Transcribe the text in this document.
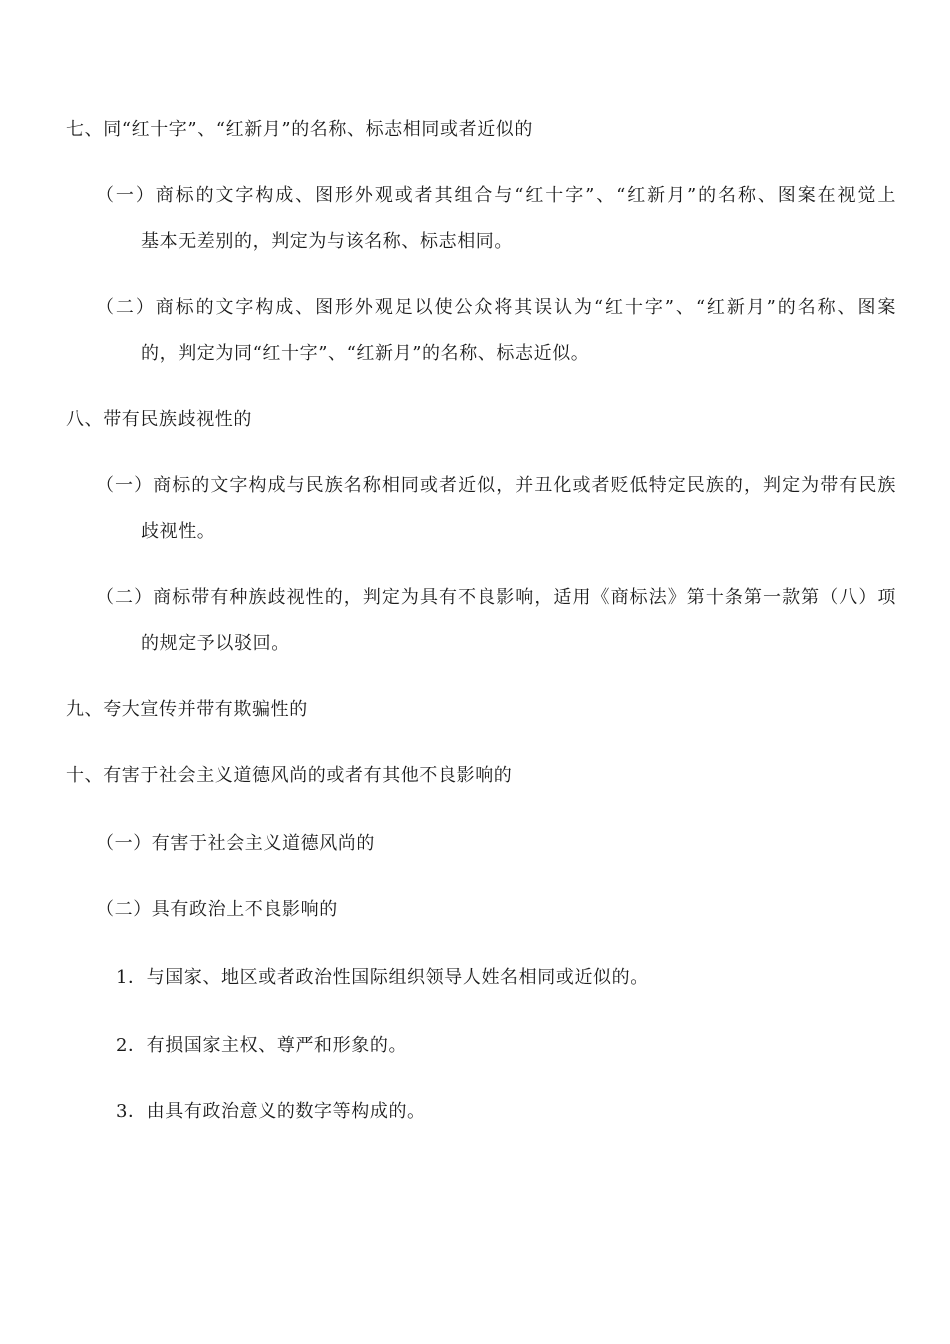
七、同“红十字”、“红新月”的名称、标志相同或者近似的
（一）商标的文字构成、图形外观或者其组合与“红十字”、“红新月”的名称、图案在视觉上
基本无差别的，判定为与该名称、标志相同。
（二）商标的文字构成、图形外观足以使公众将其误认为“红十字”、“红新月”的名称、图案
的，判定为同“红十字”、“红新月”的名称、标志近似。
八、带有民族歧视性的
（一）商标的文字构成与民族名称相同或者近似，并丑化或者贬低特定民族的，判定为带有民族
歧视性。
（二）商标带有种族歧视性的，判定为具有不良影响，适用《商标法》第十条第一款第（八）项
的规定予以驳回。
九、夸大宣传并带有欺骗性的
十、有害于社会主义道德风尚的或者有其他不良影响的
（一）有害于社会主义道德风尚的
（二）具有政治上不良影响的
1．与国家、地区或者政治性国际组织领导人姓名相同或近似的。
2．有损国家主权、尊严和形象的。
3．由具有政治意义的数字等构成的。
